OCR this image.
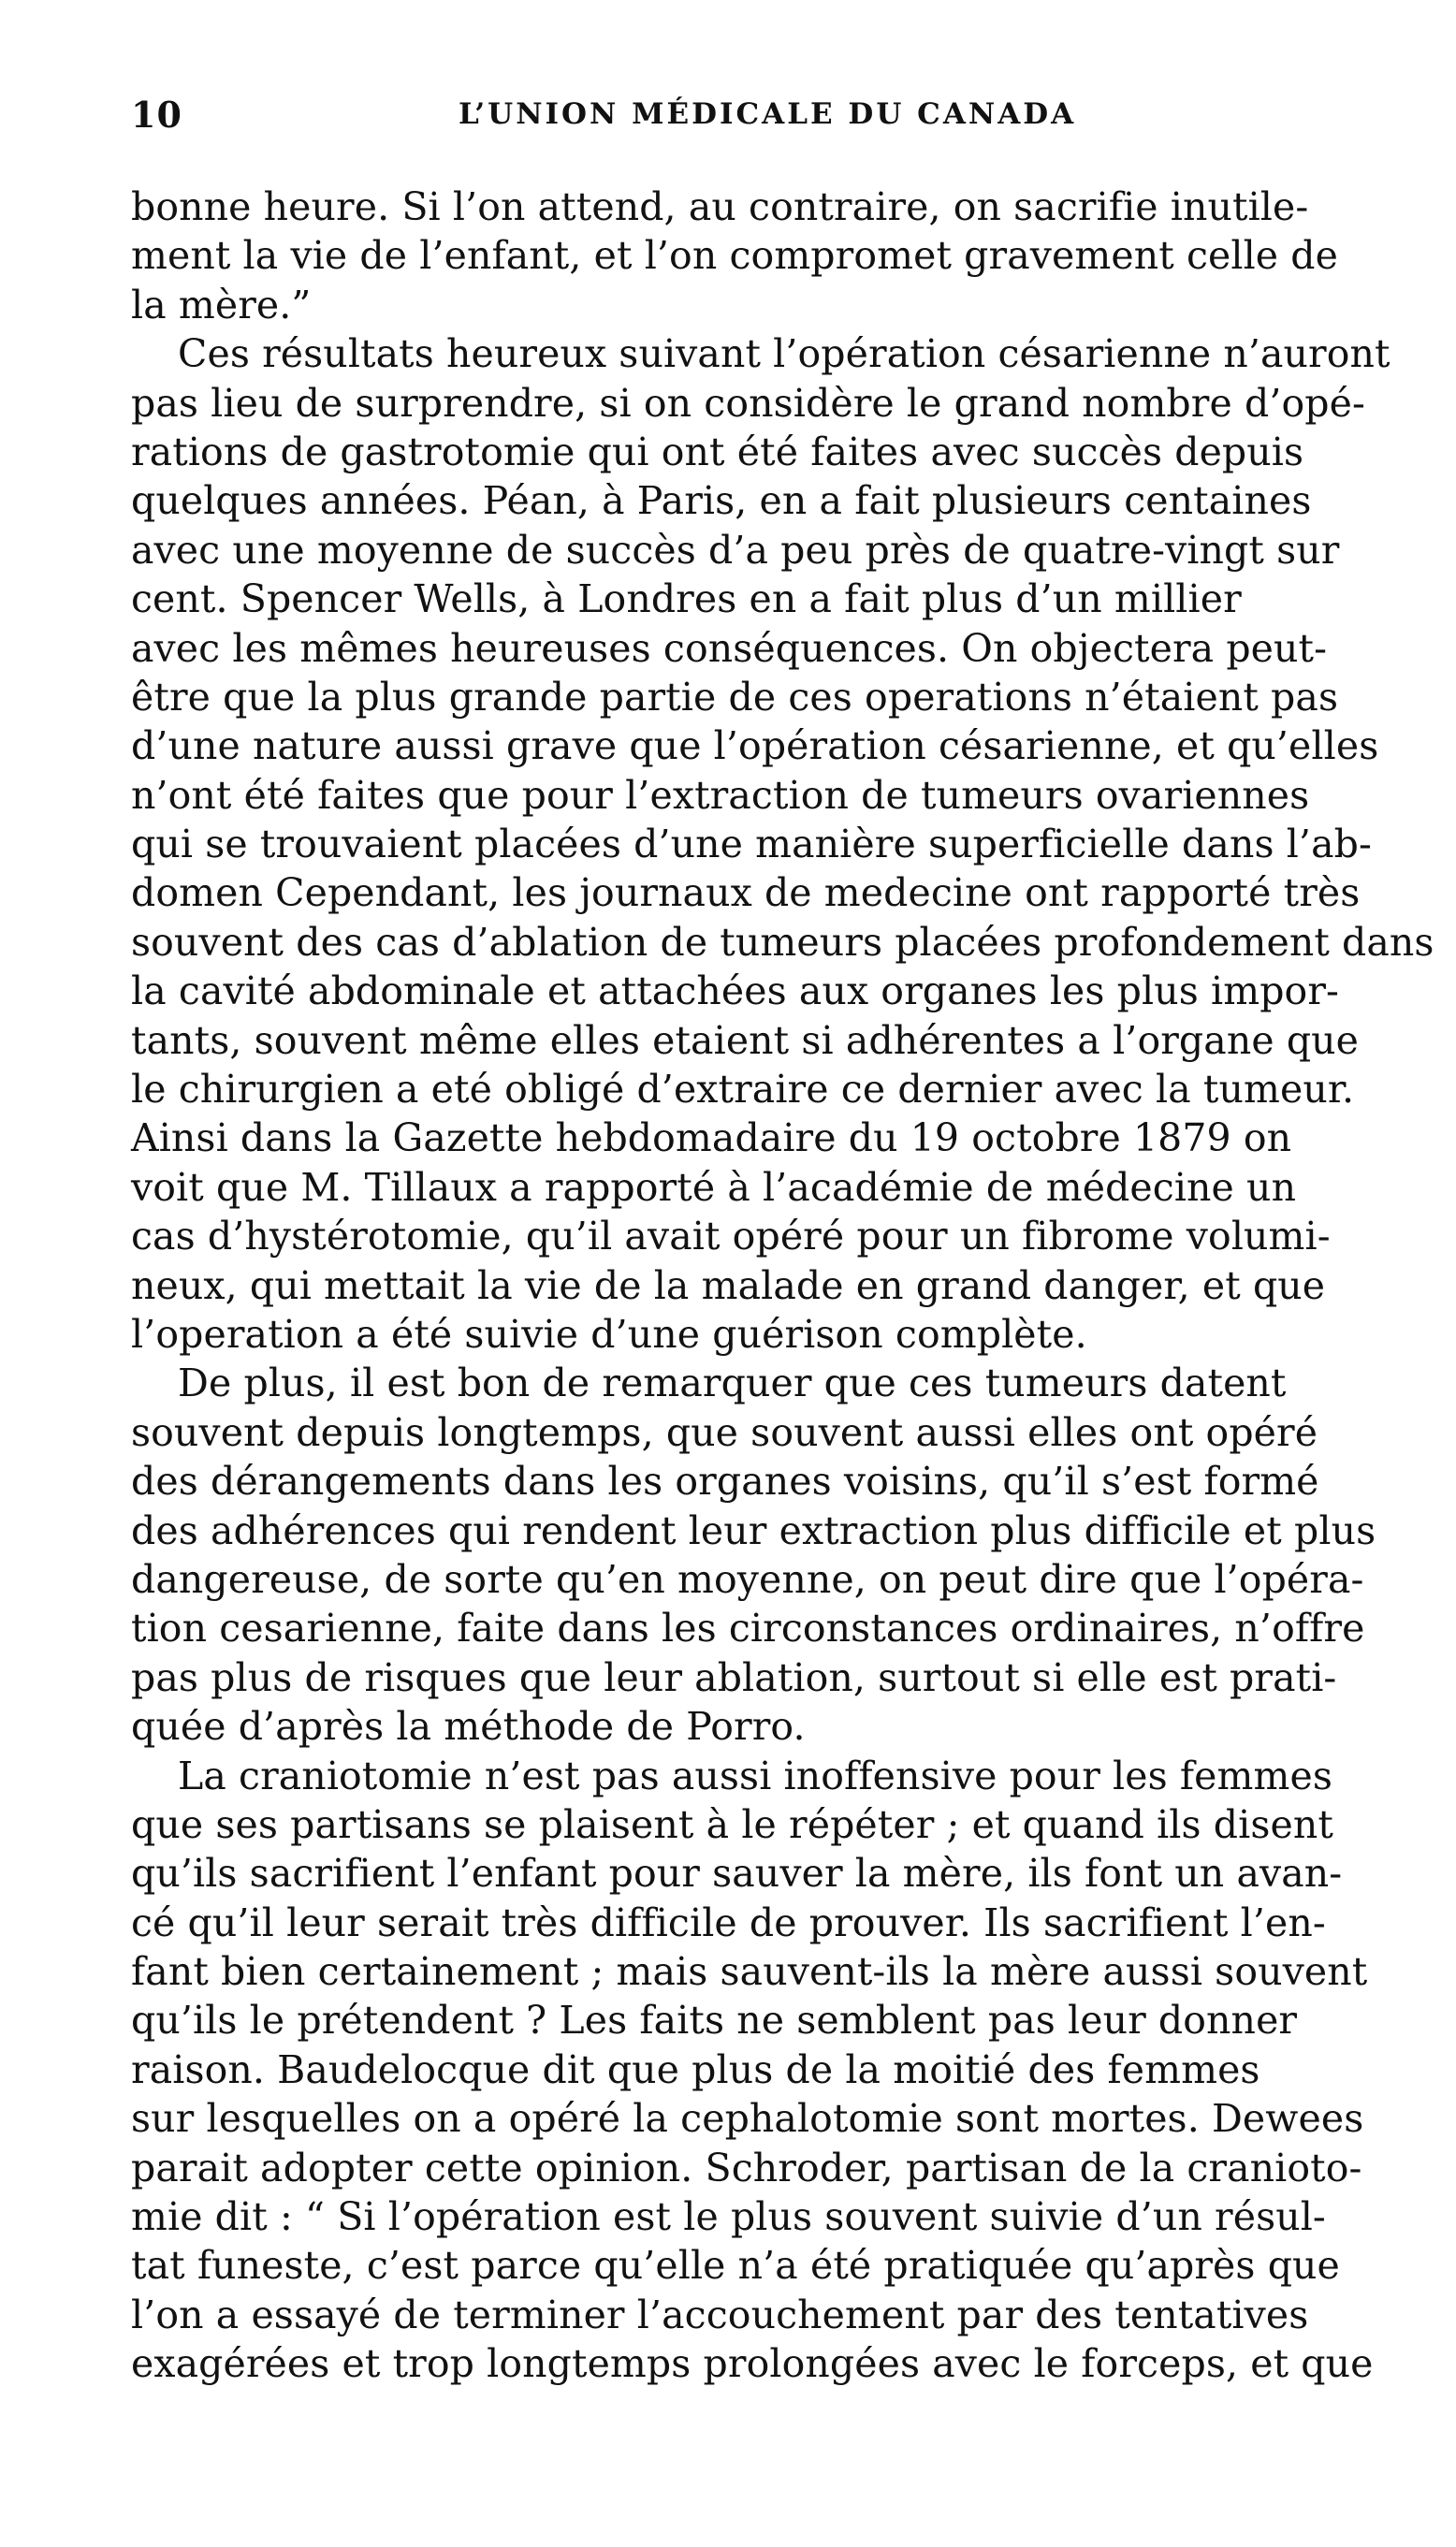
10	L’UNION MÉDICALE DU CANADA
bonne heure. Si l’on attend, au contraire, on sacrifie inutile-
ment la vie de l’enfant, et l’on compromet gravement celle de
la mère.”
Ces résultats heureux suivant l’opération césarienne n’auront
pas lieu de surprendre, si on considère le grand nombre d’opé-
rations de gastrotomie qui ont été faites avec succès depuis
quelques années. Péan, à Paris, en a fait plusieurs centaines
avec une moyenne de succès d’a peu près de quatre-vingt sur
cent. Spencer Wells, à Londres en a fait plus d’un millier
avec les mêmes heureuses conséquences. On objectera peut-
être que la plus grande partie de ces operations n’étaient pas
d’une nature aussi grave que l’opération césarienne, et qu’elles
n’ont été faites que pour l’extraction de tumeurs ovariennes
qui se trouvaient placées d’une manière superficielle dans l’ab-
domen Cependant, les journaux de medecine ont rapporté très
souvent des cas d’ablation de tumeurs placées profondement dans
la cavité abdominale et attachées aux organes les plus impor-
tants, souvent même elles etaient si adhérentes a l’organe que
le chirurgien a eté obligé d’extraire ce dernier avec la tumeur.
Ainsi dans la Gazette hebdomadaire du 19 octobre 1879 on
voit que M. Tillaux a rapporté à l’académie de médecine un
cas d’hystérotomie, qu’il avait opéré pour un fibrome volumi-
neux, qui mettait la vie de la malade en grand danger, et que
l’operation a été suivie d’une guérison complète.
De plus, il est bon de remarquer que ces tumeurs datent
souvent depuis longtemps, que souvent aussi elles ont opéré
des dérangements dans les organes voisins, qu’il s’est formé
des adhérences qui rendent leur extraction plus difficile et plus
dangereuse, de sorte qu’en moyenne, on peut dire que l’opéra-
tion cesarienne, faite dans les circonstances ordinaires, n’offre
pas plus de risques que leur ablation, surtout si elle est prati-
quée d’après la méthode de Porro.
La craniotomie n’est pas aussi inoffensive pour les femmes
que ses partisans se plaisent à le répéter ; et quand ils disent
qu’ils sacrifient l’enfant pour sauver la mère, ils font un avan-
cé qu’il leur serait très difficile de prouver. Ils sacrifient l’en-
fant bien certainement ; mais sauvent-ils la mère aussi souvent
qu’ils le prétendent ? Les faits ne semblent pas leur donner
raison. Baudelocque dit que plus de la moitié des femmes
sur lesquelles on a opéré la cephalotomie sont mortes. Dewees
parait adopter cette opinion. Schroder, partisan de la cranioto-
mie dit : “ Si l’opération est le plus souvent suivie d’un résul-
tat funeste, c’est parce qu’elle n’a été pratiquée qu’après que
l’on a essayé de terminer l’accouchement par des tentatives
exagérées et trop longtemps prolongées avec le forceps, et que
